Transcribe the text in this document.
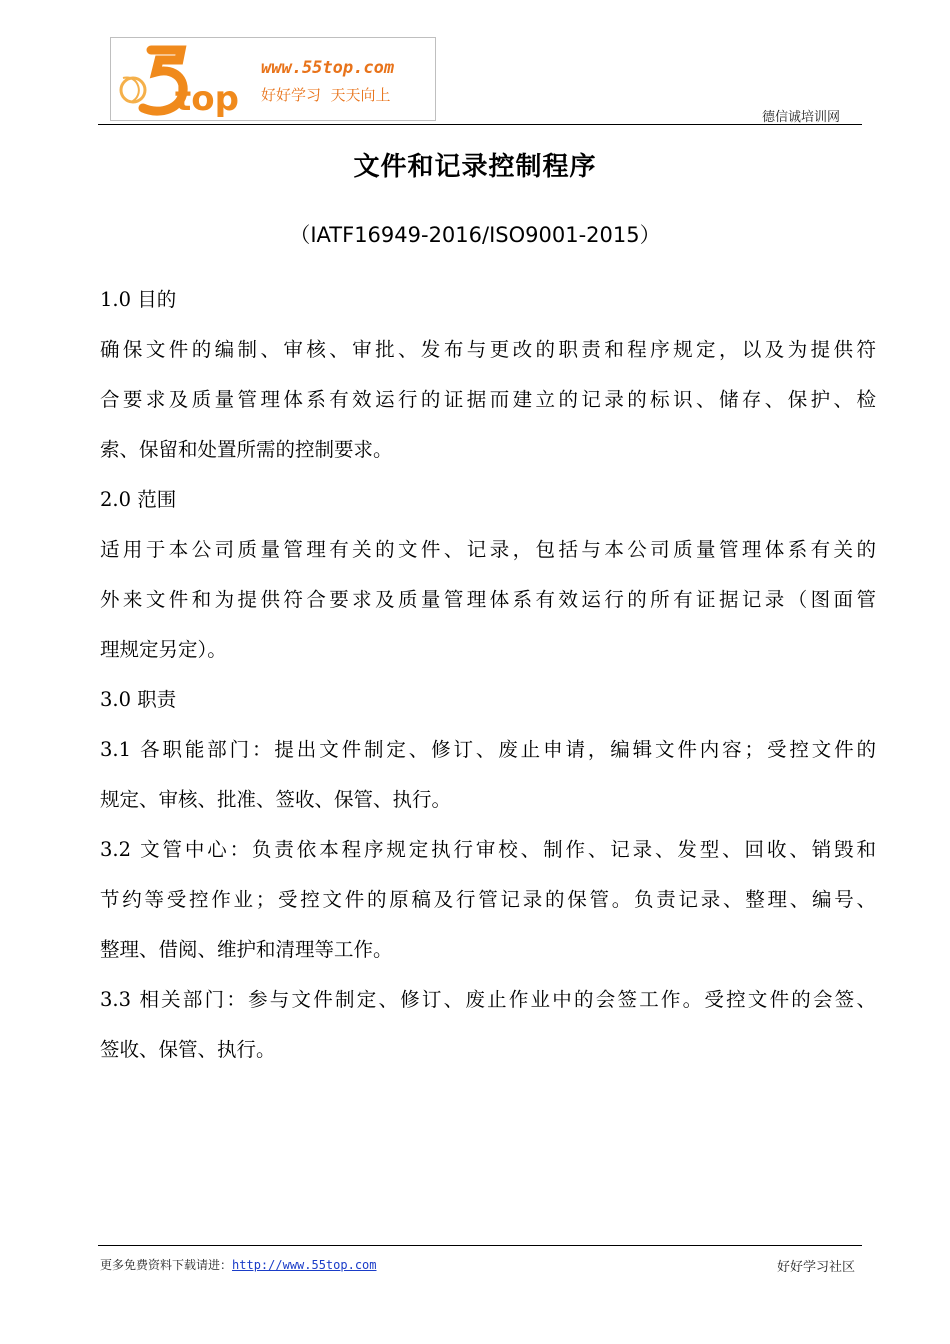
top
www.55top.com
好好学习  天天向上
德信诚培训网
文件和记录控制程序
（IATF16949-2016/ISO9001-2015）
1.0 目的
确保文件的编制、审核、审批、发布与更改的职责和程序规定，以及为提供符
合要求及质量管理体系有效运行的证据而建立的记录的标识、储存、保护、检
索、保留和处置所需的控制要求。
2.0 范围
适用于本公司质量管理有关的文件、记录，包括与本公司质量管理体系有关的
外来文件和为提供符合要求及质量管理体系有效运行的所有证据记录（图面管
理规定另定）。
3.0 职责
3.1 各职能部门：提出文件制定、修订、废止申请，编辑文件内容；受控文件的
规定、审核、批准、签收、保管、执行。
3.2 文管中心：负责依本程序规定执行审校、制作、记录、发型、回收、销毁和
节约等受控作业；受控文件的原稿及行管记录的保管。负责记录、整理、编号、
整理、借阅、维护和清理等工作。
3.3 相关部门：参与文件制定、修订、废止作业中的会签工作。受控文件的会签、
签收、保管、执行。
更多免费资料下载请进：http://www.55top.com	好好学习社区
